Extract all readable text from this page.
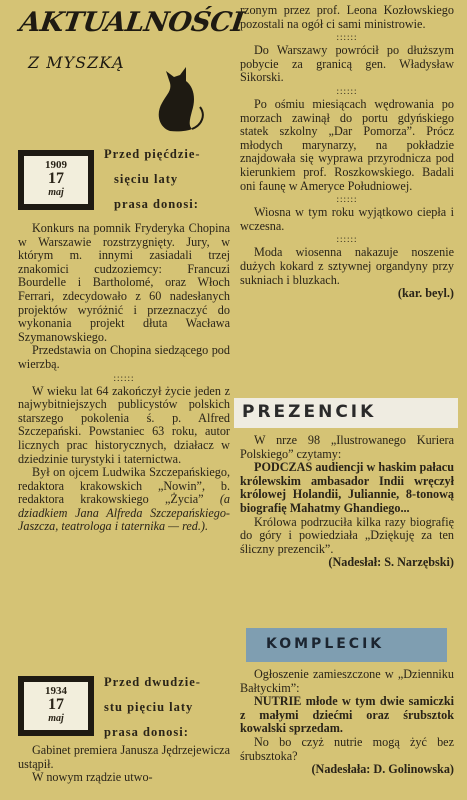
AKTUALNOŚCI
Z MYSZKĄ
1909
17
maj
Przed pięćdzie-
sięciu laty
prasa donosi:

Konkurs na pomnik Fryderyka Chopina w Warszawie rozstrzygnięty. Jury, w którym m. innymi zasiadali trzej znakomici cudzoziemcy: Francuzi Bourdelle i Bartholomé, oraz Włoch Ferrari, zdecydowało z 60 nadesłanych projektów wyróżnić i przeznaczyć do wykonania projekt dłuta Wacława Szymanowskiego.

Przedstawia on Chopina siedzącego pod wierzbą.

::::::

W wieku lat 64 zakończył życie jeden z najwybitniejszych publicystów polskich starszego pokolenia ś. p. Alfred Szczepański. Powstaniec 63 roku, autor licznych prac historycznych, działacz w dziedzinie turystyki i taternictwa.

Był on ojcem Ludwika Szczepańskiego, redaktora krakowskich „Nowin”, b. redaktora krakowskiego „Życia” (a dziadkiem Jana Alfreda Szczepańskiego-Jaszcza, teatrologa i taternika — red.).

1934
17
maj
Przed dwudzie-
stu pięciu laty
prasa donosi:

Gabinet premiera Janusza Jędrzejewicza ustąpił.

W nowym rządzie utwo-

rzonym przez prof. Leona Kozłowskiego pozostali na ogół ci sami ministrowie.

::::::

Do Warszawy powrócił po dłuższym pobycie za granicą gen. Władysław Sikorski.

::::::

Po ośmiu miesiącach wędrowania po morzach zawinął do portu gdyńskiego statek szkolny „Dar Pomorza”. Prócz młodych marynarzy, na pokładzie znajdowała się wyprawa przyrodnicza pod kierunkiem prof. Roszkowskiego. Badali oni faunę w Ameryce Południowej.

::::::

Wiosna w tym roku wyjątkowo ciepła i wczesna.

::::::

Moda wiosenna nakazuje noszenie dużych kokard z sztywnej organdyny przy sukniach i bluzkach.

(kar. beyl.)
PREZENCIK

W nrze 98 „Ilustrowanego Kuriera Polskiego” czytamy:

PODCZAS audiencji w haskim pałacu królewskim ambasador Indii wręczył królowej Holandii, Juliannie, 8-tonową biografię Mahatmy Ghandiego...

Królowa podrzuciła kilka razy biografię do góry i powiedziała „Dziękuję za ten śliczny prezencik”.

(Nadesłał: S. Narzębski)
KOMPLECIK

Ogłoszenie zamieszczone w „Dzienniku Bałtyckim”:

NUTRIE młode w tym dwie samiczki z małymi dziećmi oraz śrubsztok kowalski sprzedam.

No bo czyż nutrie mogą żyć bez śrubsztoka?

(Nadesłała: D. Golinowska)
